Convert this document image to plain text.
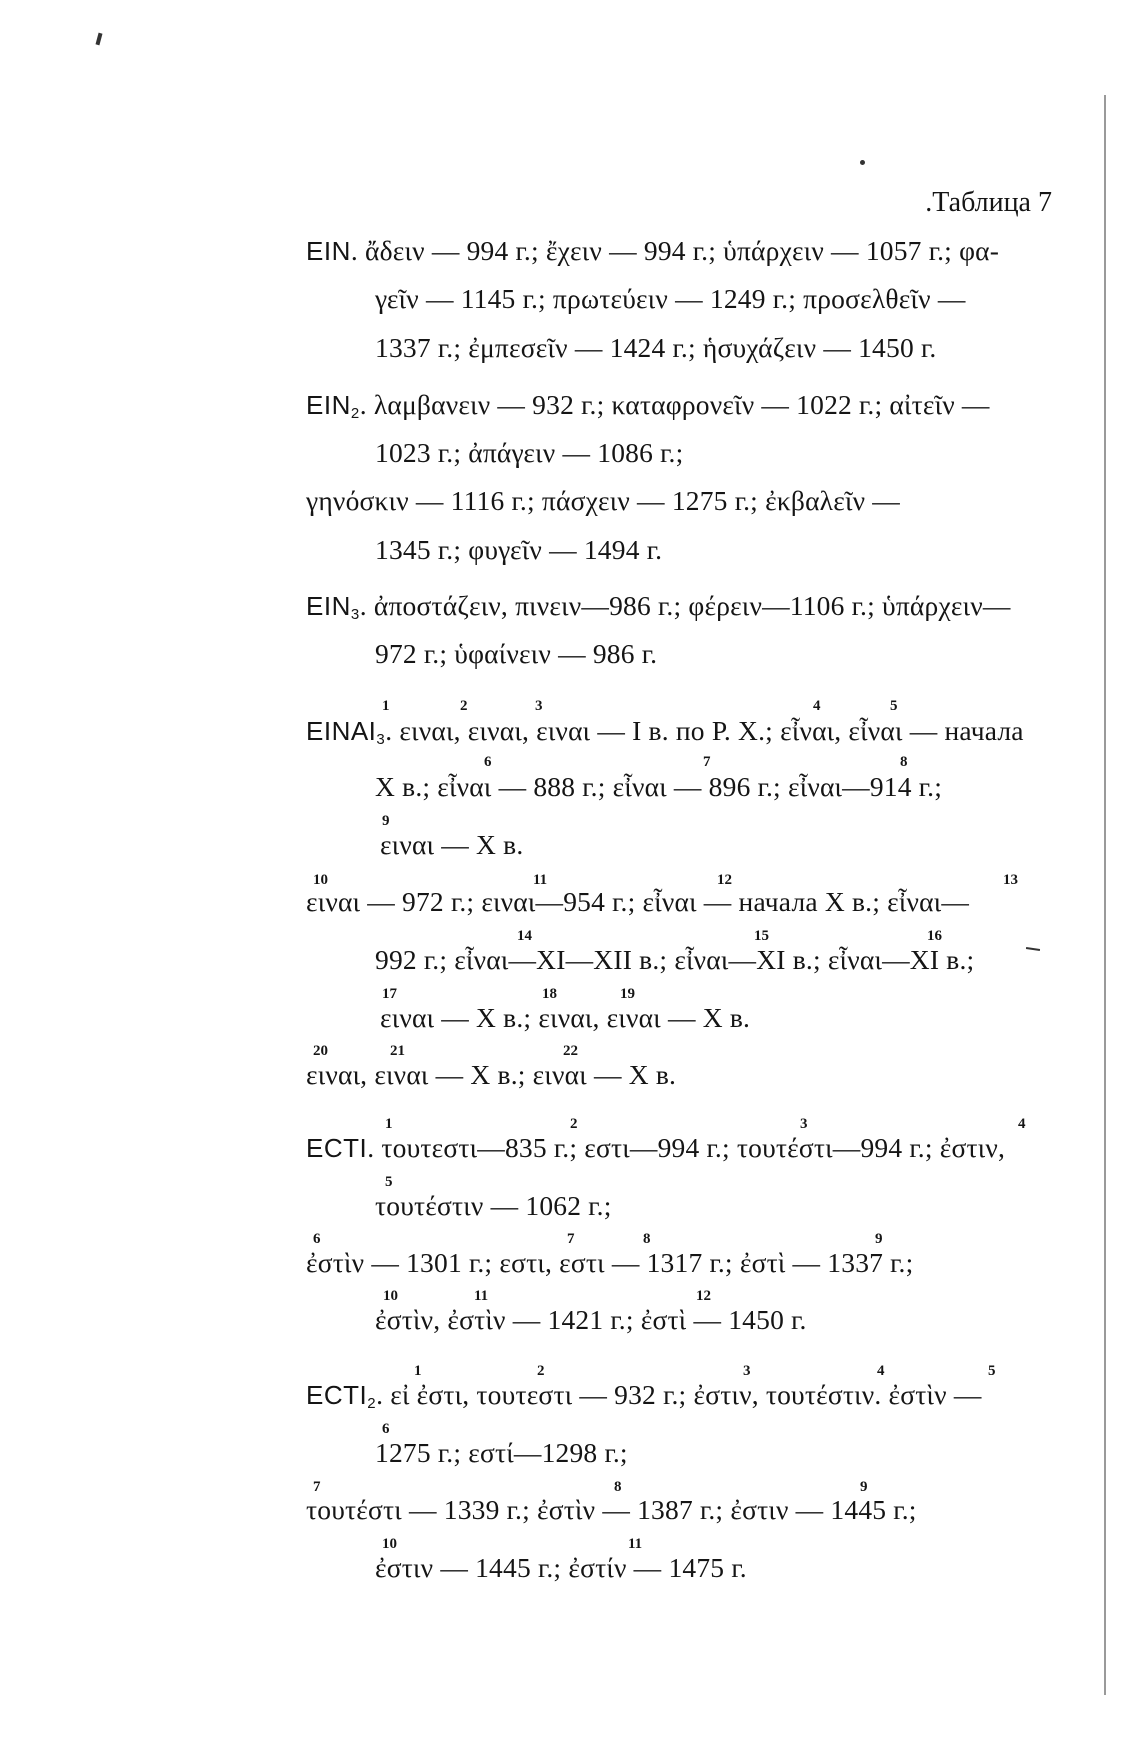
Таблица 7.
EIN. ἄδειν — 994 г.; ἔχειν — 994 г.; ὑπάρχειν — 1057 г.; φα-
γεῖν — 1145 г.; πρωτεύειν — 1249 г.; προσελθεῖν —
1337 г.; ἐμπεσεῖν — 1424 г.; ἡσυχάζειν — 1450 г.
$EIN_2$. λαμβανειν — 932 г.; καταφρονεῖν — 1022 г.; αἰτεῖν —
1023 г.; ἀπάγειν — 1086 г.;
γηνόσκιν — 1116 г.; πάσχειν — 1275 г.; ἐκβαλεῖν —
1345 г.; φυγεῖν — 1494 г.
$EIN_3$. ἀποστάζειν, πινειν—986 г.; φέρειν—1106 г.; ὑπάρχειν—
972 г.; ὑφαίνειν — 986 г.
1	2	3	4	5
$EINAI_3$. ειναι, ειναι, ειναι — I в. по Р. Х.; εἶναι, εἶναι — начала
6	7	8
X в.; εἶναι — 888 г.; εἶναι — 896 г.; εἶναι—914 г.;
9
ειναι — X в.
10	11	12	13
ειναι — 972 г.; ειναι—954 г.; εἶναι — начала X в.; εἶναι—
14	15	16
992 г.; εἶναι—XI—XII в.; εἶναι—XI в.; εἶναι—XI в.;
17	18	19
ειναι — X в.; ειναι, ειναι — X в.
20	21	22
ειναι, ειναι — X в.; ειναι — X в.
1	2	3	4
ECTI. τουτεστι—835 г.; εστι—994 г.; τουτέστι—994 г.; ἐστιν,
5
τουτέστιν — 1062 г.;
6	7	8	9
ἐστὶν — 1301 г.; εστι, εστι — 1317 г.; ἐστὶ — 1337 г.;
10	11	12
ἐστὶν, ἐστὶν — 1421 г.; ἐστὶ — 1450 г.
1	2	3	4	5
$ECTI_2$. εἰ ἐστι, τουτεστι — 932 г.; ἐστιν, τουτέστιν. ἐστὶν —
6
1275 г.; εστί—1298 г.;
7	8	9
τουτέστι — 1339 г.; ἐστὶν — 1387 г.; ἐστιν — 1445 г.;
10	11
ἐστιν — 1445 г.; ἐστίν — 1475 г.
